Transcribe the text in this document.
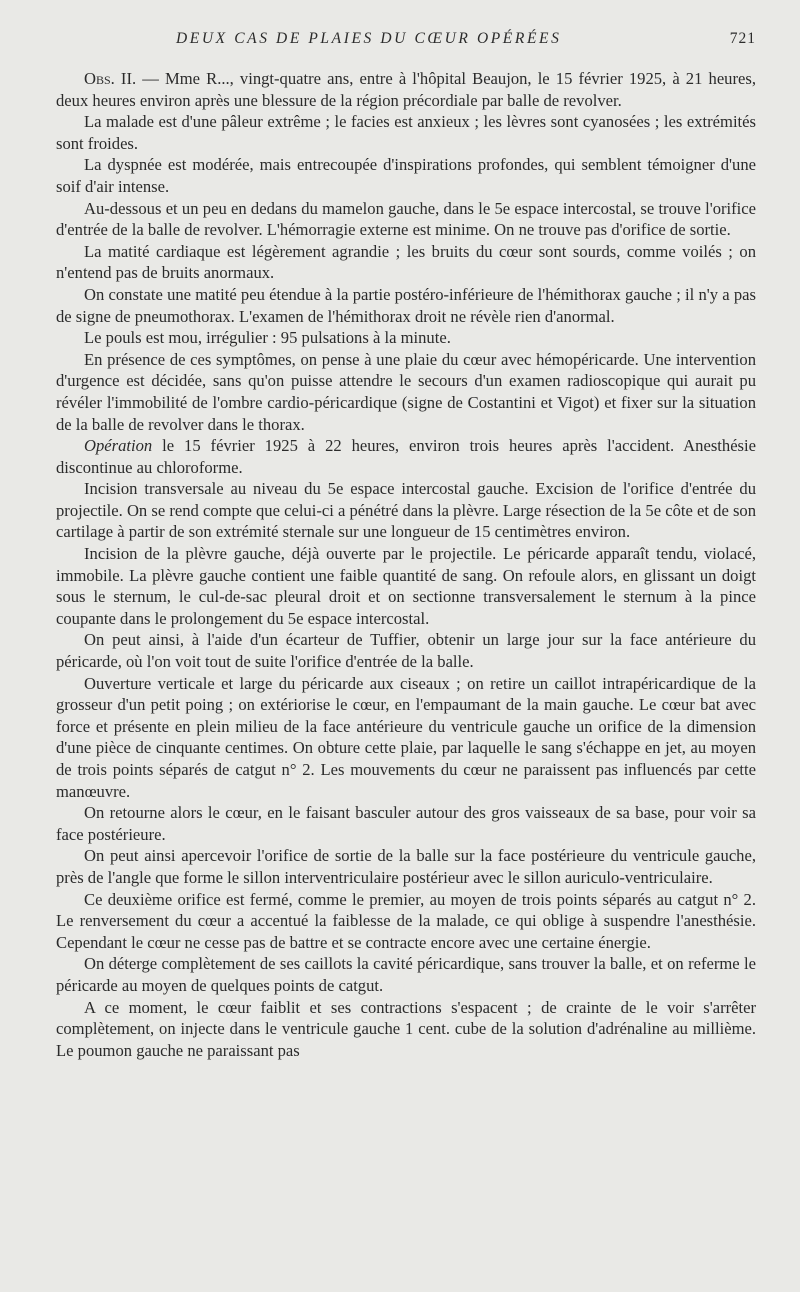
DEUX CAS DE PLAIES DU CŒUR OPÉRÉES	721

Obs. II. — Mme R..., vingt-quatre ans, entre à l'hôpital Beaujon, le 15 février 1925, à 21 heures, deux heures environ après une blessure de la région précordiale par balle de revolver.

La malade est d'une pâleur extrême ; le facies est anxieux ; les lèvres sont cyanosées ; les extrémités sont froides.

La dyspnée est modérée, mais entrecoupée d'inspirations profondes, qui semblent témoigner d'une soif d'air intense.

Au-dessous et un peu en dedans du mamelon gauche, dans le 5e espace intercostal, se trouve l'orifice d'entrée de la balle de revolver. L'hémorragie externe est minime. On ne trouve pas d'orifice de sortie.

La matité cardiaque est légèrement agrandie ; les bruits du cœur sont sourds, comme voilés ; on n'entend pas de bruits anormaux.

On constate une matité peu étendue à la partie postéro-inférieure de l'hémithorax gauche ; il n'y a pas de signe de pneumothorax. L'examen de l'hémithorax droit ne révèle rien d'anormal.

Le pouls est mou, irrégulier : 95 pulsations à la minute.

En présence de ces symptômes, on pense à une plaie du cœur avec hémopéricarde. Une intervention d'urgence est décidée, sans qu'on puisse attendre le secours d'un examen radioscopique qui aurait pu révéler l'immobilité de l'ombre cardio-péricardique (signe de Costantini et Vigot) et fixer sur la situation de la balle de revolver dans le thorax.

Opération le 15 février 1925 à 22 heures, environ trois heures après l'accident. Anesthésie discontinue au chloroforme.

Incision transversale au niveau du 5e espace intercostal gauche. Excision de l'orifice d'entrée du projectile. On se rend compte que celui-ci a pénétré dans la plèvre. Large résection de la 5e côte et de son cartilage à partir de son extrémité sternale sur une longueur de 15 centimètres environ.

Incision de la plèvre gauche, déjà ouverte par le projectile. Le péricarde apparaît tendu, violacé, immobile. La plèvre gauche contient une faible quantité de sang. On refoule alors, en glissant un doigt sous le sternum, le cul-de-sac pleural droit et on sectionne transversalement le sternum à la pince coupante dans le prolongement du 5e espace intercostal.

On peut ainsi, à l'aide d'un écarteur de Tuffier, obtenir un large jour sur la face antérieure du péricarde, où l'on voit tout de suite l'orifice d'entrée de la balle.

Ouverture verticale et large du péricarde aux ciseaux ; on retire un caillot intrapéricardique de la grosseur d'un petit poing ; on extériorise le cœur, en l'empaumant de la main gauche. Le cœur bat avec force et présente en plein milieu de la face antérieure du ventricule gauche un orifice de la dimension d'une pièce de cinquante centimes. On obture cette plaie, par laquelle le sang s'échappe en jet, au moyen de trois points séparés de catgut n° 2. Les mouvements du cœur ne paraissent pas influencés par cette manœuvre.

On retourne alors le cœur, en le faisant basculer autour des gros vaisseaux de sa base, pour voir sa face postérieure.

On peut ainsi apercevoir l'orifice de sortie de la balle sur la face postérieure du ventricule gauche, près de l'angle que forme le sillon interventriculaire postérieur avec le sillon auriculo-ventriculaire.

Ce deuxième orifice est fermé, comme le premier, au moyen de trois points séparés au catgut n° 2. Le renversement du cœur a accentué la faiblesse de la malade, ce qui oblige à suspendre l'anesthésie. Cependant le cœur ne cesse pas de battre et se contracte encore avec une certaine énergie.

On déterge complètement de ses caillots la cavité péricardique, sans trouver la balle, et on referme le péricarde au moyen de quelques points de catgut.

A ce moment, le cœur faiblit et ses contractions s'espacent ; de crainte de le voir s'arrêter complètement, on injecte dans le ventricule gauche 1 cent. cube de la solution d'adrénaline au millième. Le poumon gauche ne paraissant pas
